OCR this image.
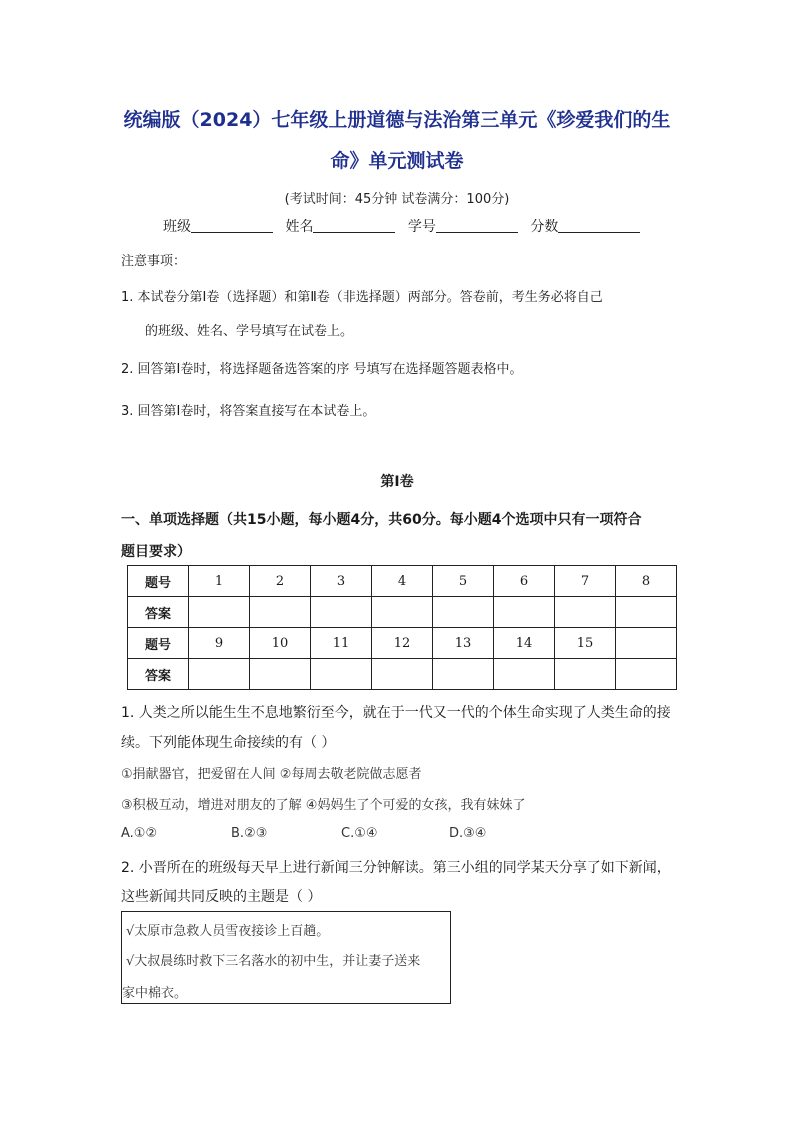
统编版（2024）七年级上册道德与法治第三单元《珍爱我们的生
命》单元测试卷
(考试时间：45分钟 试卷满分：100分)
班级	姓名	学号	分数
注意事项：
1. 本试卷分第Ⅰ卷（选择题）和第Ⅱ卷（非选择题）两部分。答卷前，考生务必将自己
的班级、姓名、学号填写在试卷上。
2. 回答第Ⅰ卷时，将选择题备选答案的序 号填写在选择题答题表格中。
3. 回答第Ⅰ卷时，将答案直接写在本试卷上。
第Ⅰ卷
一、单项选择题（共15小题，每小题4分，共60分。每小题4个选项中只有一项符合
题目要求）
题号	1	2	3	4	5	6	7	8
答案								
题号	9	10	11	12	13	14	15	
答案								
1. 人类之所以能生生不息地繁衍至今，就在于一代又一代的个体生命实现了人类生命的接
续。下列能体现生命接续的有（ ）
①捐献器官，把爱留在人间 ②每周去敬老院做志愿者
③积极互动，增进对朋友的了解 ④妈妈生了个可爱的女孩，我有妹妹了
A.①②	B.②③	C.①④	D.③④
2. 小晋所在的班级每天早上进行新闻三分钟解读。第三小组的同学某天分享了如下新闻，
这些新闻共同反映的主题是（ ）
√太原市急救人员雪夜接诊上百趟。
√大叔晨练时救下三名落水的初中生，并让妻子送来
家中棉衣。
